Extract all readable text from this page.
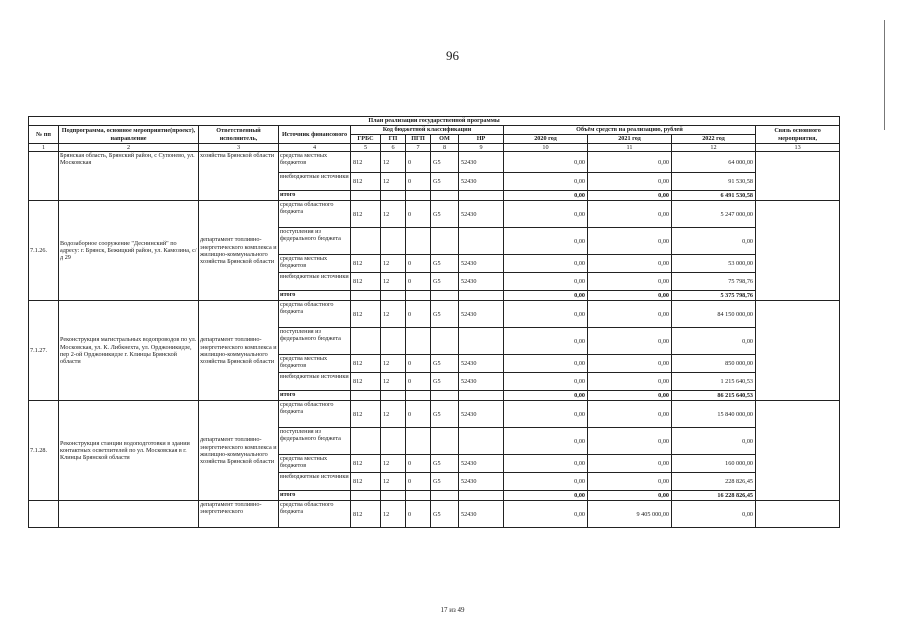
96
План реализации государственной программы												
№ пп	Подпрограмма, основное мероприятие(проект), направление	Ответственный исполнитель,	Источник финансового	Код бюджетной классификации					Объём средств на реализацию, рублей			Связь основного мероприятия,
				ГРБС	ГП	ПГП	ОМ	НР	2020 год	2021 год	2022 год	
1	2	3	4	5	6	7	8	9	10	11	12	13
	Брянская область, Брянский район, с Супонево, ул. Московская	хозяйства Брянской области	средства местных бюджетов	812	12	0	G5	52430	0,00	0,00	64 000,00	
			внебюджетные источники	812	12	0	G5	52430	0,00	0,00	91 530,58	
			итого						0,00	0,00	6 491 530,58	
7.1.26.	Водозаборное сооружение "Деснинский" по адресу: г. Брянск, Бежицкий район, ул. Камозина, с/д 29	департамент топливно-энергетического комплекса и жилищно-коммунального хозяйства Брянской области	средства областного бюджета	812	12	0	G5	52430	0,00	0,00	5 247 000,00	
			поступления из федерального бюджета						0,00	0,00	0,00	
			средства местных бюджетов	812	12	0	G5	52430	0,00	0,00	53 000,00	
			внебюджетные источники	812	12	0	G5	52430	0,00	0,00	75 798,76	
			итого						0,00	0,00	5 375 798,76	
7.1.27.	Реконструкция магистральных водопроводов по ул. Московская, ул. К. Либкнехта, ул. Орджоникидзе, пер 2-ой Орджоникидзе г. Клинцы Брянской области	департамент топливно-энергетического комплекса и жилищно-коммунального хозяйства Брянской области	средства областного бюджета	812	12	0	G5	52430	0,00	0,00	84 150 000,00	
			поступления из федерального бюджета						0,00	0,00	0,00	
			средства местных бюджетов	812	12	0	G5	52430	0,00	0,00	850 000,00	
			внебюджетные источники	812	12	0	G5	52430	0,00	0,00	1 215 640,53	
			итого						0,00	0,00	86 215 640,53	
7.1.28.	Реконструкция станции водоподготовки в здании контактных осветлителей по ул. Московская в г. Клинцы Брянской области	департамент топливно-энергетического комплекса и жилищно-коммунального хозяйства Брянской области	средства областного бюджета	812	12	0	G5	52430	0,00	0,00	15 840 000,00	
			поступления из федерального бюджета						0,00	0,00	0,00	
			средства местных бюджетов	812	12	0	G5	52430	0,00	0,00	160 000,00	
			внебюджетные источники	812	12	0	G5	52430	0,00	0,00	228 826,45	
			итого						0,00	0,00	16 228 826,45	
		департамент топливно-энергетического	средства областного бюджета	812	12	0	G5	52430	0,00	9 405 000,00	0,00	
17 из 49
